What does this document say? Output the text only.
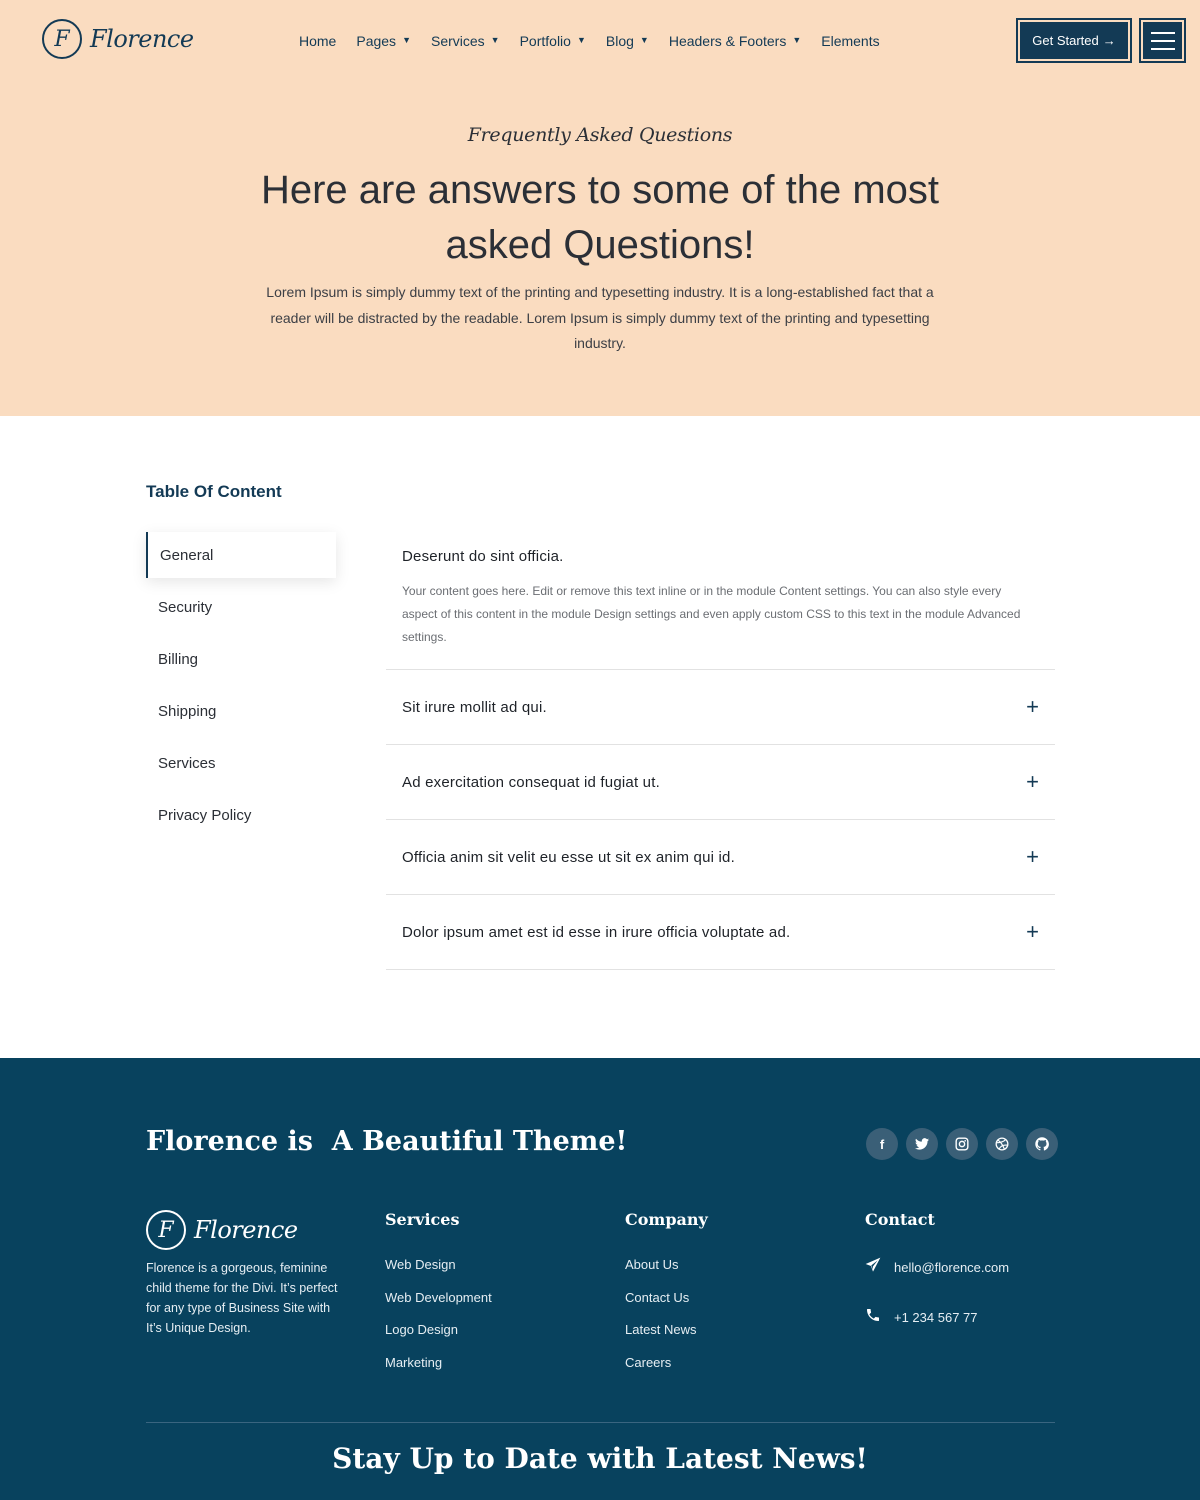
F Florence	Home Pages ▼ Services ▼ Portfolio ▼ Blog ▼ Headers & Footers ▼ Elements	Get Started →
Frequently Asked Questions
Here are answers to some of the most asked Questions!

Lorem Ipsum is simply dummy text of the printing and typesetting industry. It is a long-established fact that a reader will be distracted by the readable. Lorem Ipsum is simply dummy text of the printing and typesetting industry.

Table Of Content
General
Security
Billing
Shipping
Services
Privacy Policy
Deserunt do sint officia.
Your content goes here. Edit or remove this text inline or in the module Content settings. You can also style every aspect of this content in the module Design settings and even apply custom CSS to this text in the module Advanced settings.
Sit irure mollit ad qui.	+
Ad exercitation consequat id fugiat ut.	+
Officia anim sit velit eu esse ut sit ex anim qui id.	+
Dolor ipsum amet est id esse in irure officia voluptate ad.	+
Florence is  A Beautiful Theme!	f
F Florence

Florence is a gorgeous, feminine child theme for the Divi. It’s perfect for any type of Business Site with It’s Unique Design.

Services
Web Design
Web Development
Logo Design
Marketing
Company
About Us
Contact Us
Latest News
Careers
Contact
hello@florence.com
+1 234 567 77
Stay Up to Date with Latest News!
